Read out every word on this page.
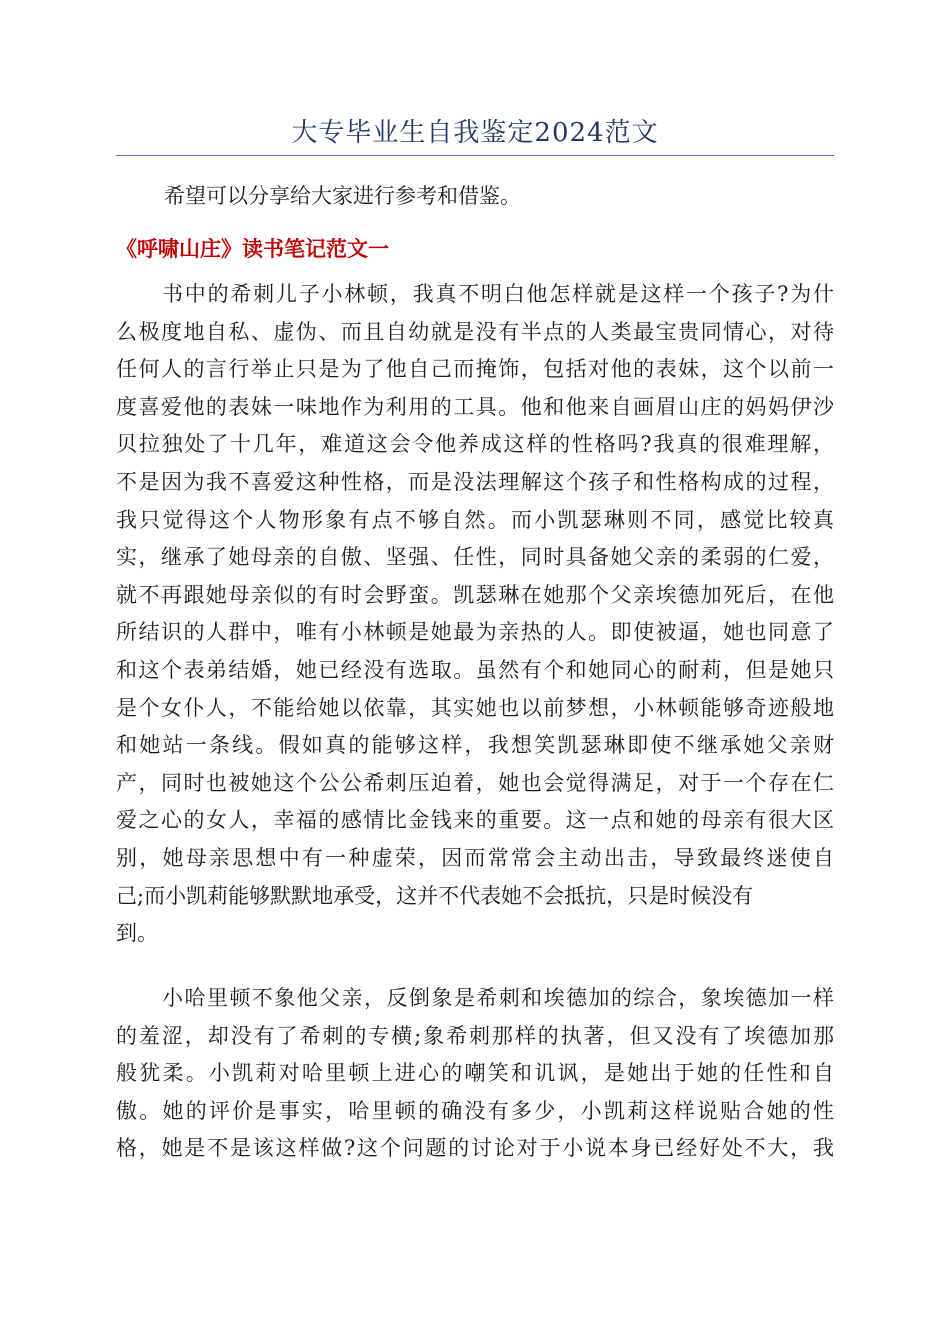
大专毕业生自我鉴定2024范文
希望可以分享给大家进行参考和借鉴。
《呼啸山庄》读书笔记范文一
书中的希刺儿子小林顿，我真不明白他怎样就是这样一个孩子?为什
么极度地自私、虚伪、而且自幼就是没有半点的人类最宝贵同情心，对待
任何人的言行举止只是为了他自己而掩饰，包括对他的表妹，这个以前一
度喜爱他的表妹一味地作为利用的工具。他和他来自画眉山庄的妈妈伊沙
贝拉独处了十几年，难道这会令他养成这样的性格吗?我真的很难理解，
不是因为我不喜爱这种性格，而是没法理解这个孩子和性格构成的过程，
我只觉得这个人物形象有点不够自然。而小凯瑟琳则不同，感觉比较真
实，继承了她母亲的自傲、坚强、任性，同时具备她父亲的柔弱的仁爱，
就不再跟她母亲似的有时会野蛮。凯瑟琳在她那个父亲埃德加死后，在他
所结识的人群中，唯有小林顿是她最为亲热的人。即使被逼，她也同意了
和这个表弟结婚，她已经没有选取。虽然有个和她同心的耐莉，但是她只
是个女仆人，不能给她以依靠，其实她也以前梦想，小林顿能够奇迹般地
和她站一条线。假如真的能够这样，我想笑凯瑟琳即使不继承她父亲财
产，同时也被她这个公公希刺压迫着，她也会觉得满足，对于一个存在仁
爱之心的女人，幸福的感情比金钱来的重要。这一点和她的母亲有很大区
别，她母亲思想中有一种虚荣，因而常常会主动出击，导致最终迷使自
己;而小凯莉能够默默地承受，这并不代表她不会抵抗，只是时候没有
到。
小哈里顿不象他父亲，反倒象是希刺和埃德加的综合，象埃德加一样
的羞涩，却没有了希刺的专横;象希刺那样的执著，但又没有了埃德加那
般犹柔。小凯莉对哈里顿上进心的嘲笑和讥讽，是她出于她的任性和自
傲。她的评价是事实，哈里顿的确没有多少，小凯莉这样说贴合她的性
格，她是不是该这样做?这个问题的讨论对于小说本身已经好处不大，我
